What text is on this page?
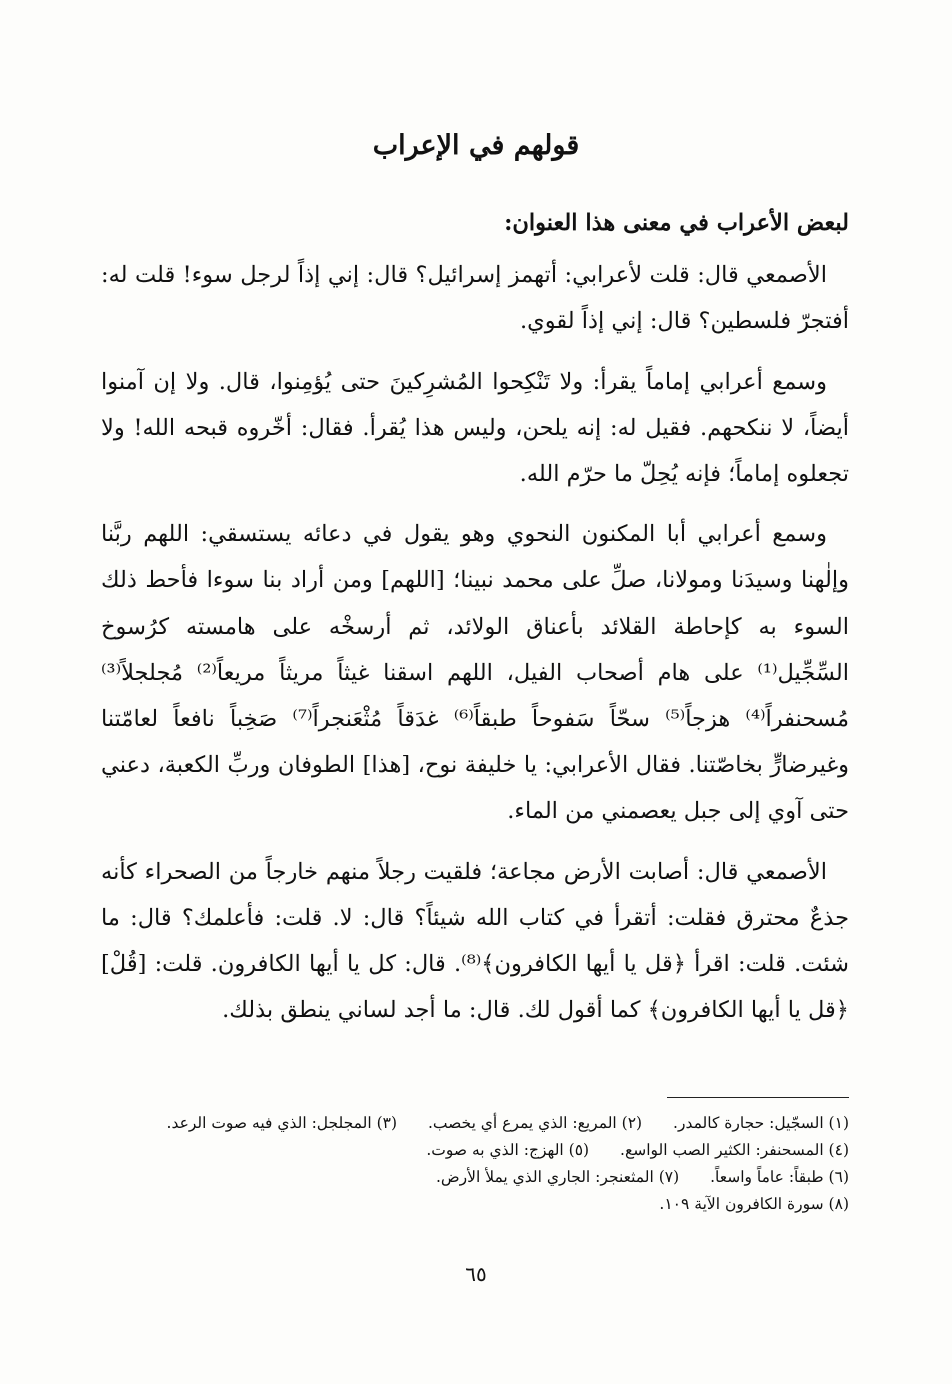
قولهم في الإعراب
لبعض الأعراب في معنى هذا العنوان:

الأصمعي قال: قلت لأعرابي: أتهمز إسرائيل؟ قال: إني إذاً لرجل سوء! قلت له: أفتجرّ فلسطين؟ قال: إني إذاً لقوي.

وسمع أعرابي إماماً يقرأ: ولا تَنْكِحوا المُشرِكينَ حتى يُؤمِنوا، قال. ولا إن آمنوا أيضاً، لا ننكحهم. فقيل له: إنه يلحن، وليس هذا يُقرأ. فقال: أخّروه قبحه الله! ولا تجعلوه إماماً؛ فإنه يُحِلّ ما حرّم الله.

وسمع أعرابي أبا المكنون النحوي وهو يقول في دعائه يستسقي: اللهم ربَّنا وإلٰهنا وسيدَنا ومولانا، صلِّ على محمد نبينا؛ [اللهم] ومن أراد بنا سوءا فأحط ذلك السوء به كإحاطة القلائد بأعناق الولائد، ثم أرسخْه على هامسته كرُسوخ السِّجِّيل⁽¹⁾ على هام أصحاب الفيل، اللهم اسقنا غيثاً مريثاً مريعاً⁽²⁾ مُجلجلاً⁽³⁾ مُسحنفراً⁽⁴⁾ هزجاً⁽⁵⁾ سحّاً سَفوحاً طبقاً⁽⁶⁾ غدَقاً مُثْعَنجراً⁽⁷⁾ صَخِباً نافعاً لعامّتنا وغيرضارٍّ بخاصّتنا. فقال الأعرابي: يا خليفة نوح، [هذا] الطوفان وربِّ الكعبة، دعني حتى آوي إلى جبل يعصمني من الماء.

الأصمعي قال: أصابت الأرض مجاعة؛ فلقيت رجلاً منهم خارجاً من الصحراء كأنه جذعٌ محترق فقلت: أتقرأ في كتاب الله شيئاً؟ قال: لا. قلت: فأعلمك؟ قال: ما شئت. قلت: اقرأ ﴿قل يا أيها الكافرون﴾⁽⁸⁾. قال: كل يا أيها الكافرون. قلت: [قُلْ] ﴿قل يا أيها الكافرون﴾ كما أقول لك. قال: ما أجد لساني ينطق بذلك.

(١) السجّيل: حجارة كالمدر. (٢) المريع: الذي يمرع أي يخصب. (٣) المجلجل: الذي فيه صوت الرعد.
(٤) المسحنفر: الكثير الصب الواسع. (٥) الهزج: الذي به صوت.
(٦) طبقاً: عاماً واسعاً. (٧) المثعنجر: الجاري الذي يملأ الأرض.
(٨) سورة الكافرون الآية ١٠٩.
٦٥
